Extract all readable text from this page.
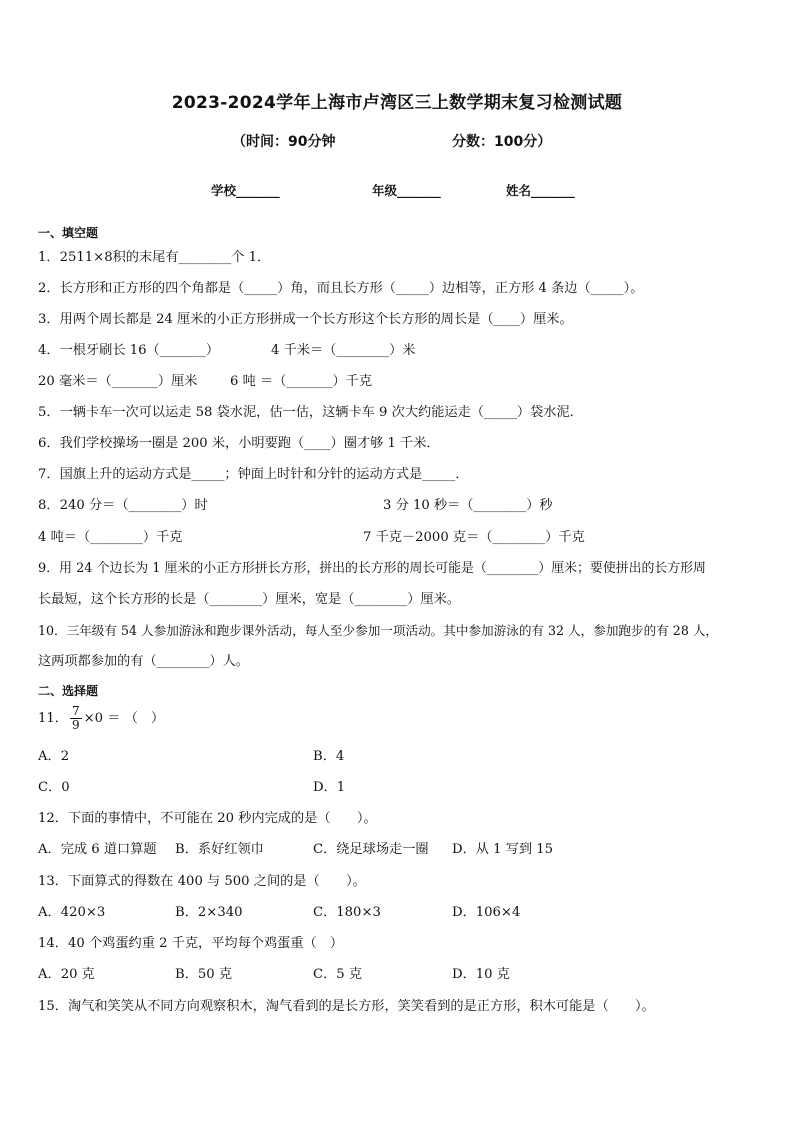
2023-2024学年上海市卢湾区三上数学期末复习检测试题
（时间：90分钟	分数：100分）
学校_______	年级_______	姓名_______
一、填空题
1．2511×8积的末尾有________个 1．
2．长方形和正方形的四个角都是（_____）角，而且长方形（_____）边相等，正方形 4 条边（_____）。
3．用两个周长都是 24 厘米的小正方形拼成一个长方形这个长方形的周长是（____）厘米。
4．一根牙刷长 16（_______）	4 千米＝（________）米
20 毫米＝（_______）厘米 6 吨 ＝（_______）千克
5．一辆卡车一次可以运走 58 袋水泥，估一估，这辆卡车 9 次大约能运走（_____）袋水泥．
6．我们学校操场一圈是 200 米，小明要跑（____）圈才够 1 千米．
7．国旗上升的运动方式是_____；钟面上时针和分针的运动方式是_____．
8．240 分＝（________）时	3 分 10 秒＝（________）秒
4 吨＝（________）千克	7 千克－2000 克＝（________）千克
9．用 24 个边长为 1 厘米的小正方形拼长方形，拼出的长方形的周长可能是（________）厘米；要使拼出的长方形周
长最短，这个长方形的长是（________）厘米，宽是（________）厘米。
10．三年级有 54 人参加游泳和跑步课外活动，每人至少参加一项活动。其中参加游泳的有 32 人，参加跑步的有 28 人，
这两项都参加的有（________）人。
二、选择题
11． $\frac{7}{9} \times 0$ ＝ （　）
A．2	B．4
C．0	D．1
12．下面的事情中，不可能在 20 秒内完成的是（　　）。
A．完成 6 道口算题 B．系好红领巾	C．绕足球场走一圈 D．从 1 写到 15
13．下面算式的得数在 400 与 500 之间的是（　　）。
A．420×3	B．2×340	C．180×3	D．106×4
14．40 个鸡蛋约重 2 千克，平均每个鸡蛋重（　）
A．20 克	B．50 克	C．5 克	D．10 克
15．淘气和笑笑从不同方向观察积木，淘气看到的是长方形，笑笑看到的是正方形，积木可能是（　　）。
